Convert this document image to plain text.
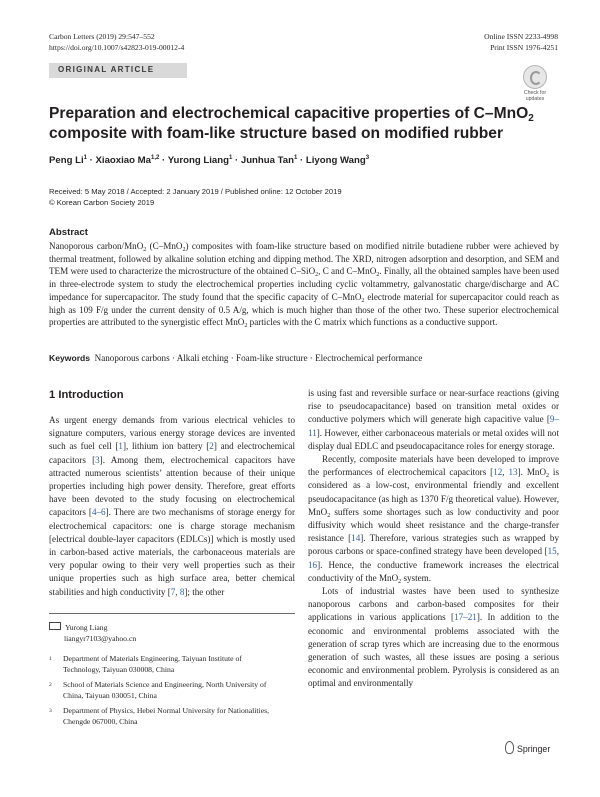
Carbon Letters (2019) 29:547–552
https://doi.org/10.1007/s42823-019-00012-4
Online ISSN 2233-4998
Print ISSN 1976-4251
ORIGINAL ARTICLE
Check for
updates
Preparation and electrochemical capacitive properties of C–MnO$_2$ composite with foam-like structure based on modified rubber
Peng $Li^1$ · Xiaoxiao Ma$^{1,2}$ · Yurong Liang$^1$ · Junhua Tan$^1$ · Liyong Wang$^3$
Received: 5 May 2018 / Accepted: 2 January 2019 / Published online: 12 October 2019
© Korean Carbon Society 2019
Abstract
Nanoporous carbon/MnO$_2$ (C–MnO$_2$) composites with foam-like structure based on modified nitrile butadiene rubber were achieved by thermal treatment, followed by alkaline solution etching and dipping method. The XRD, nitrogen adsorption and desorption, and SEM and TEM were used to characterize the microstructure of the obtained C–SiO$_2$, C and C–MnO$_2$. Finally, all the obtained samples have been used in three-electrode system to study the electrochemical properties including cyclic voltammetry, galvanostatic charge/discharge and AC impedance for supercapacitor. The study found that the specific capacity of C–MnO$_2$ electrode material for supercapacitor could reach as high as 109 F/g under the current density of 0.5 A/g, which is much higher than those of the other two. These superior electrochemical properties are attributed to the synergistic effect MnO$_2$ particles with the C matrix which functions as a conductive support.
Keywords Nanoporous carbons · Alkali etching · Foam-like structure · Electrochemical performance
1 Introduction
As urgent energy demands from various electrical vehicles to signature computers, various energy storage devices are invented such as fuel cell [1], lithium ion battery [2] and electrochemical capacitors [3]. Among them, electrochemical capacitors have attracted numerous scientists’ attention because of their unique properties including high power density. Therefore, great efforts have been devoted to the study focusing on electrochemical capacitors [4–6]. There are two mechanisms of storage energy for electrochemical capacitors: one is charge storage mechanism [electrical double-layer capacitors (EDLCs)] which is mostly used in carbon-based active materials, the carbonaceous materials are very popular owing to their very well properties such as their unique properties such as high surface area, better chemical stabilities and high conductivity [7, 8]; the other
is using fast and reversible surface or near-surface reactions (giving rise to pseudocapacitance) based on transition metal oxides or conductive polymers which will generate high capacitive value [9–11]. However, either carbonaceous materials or metal oxides will not display dual EDLC and pseudocapacitance roles for energy storage.
Recently, composite materials have been developed to improve the performances of electrochemical capacitors [12, 13]. MnO$_2$ is considered as a low-cost, environmental friendly and excellent pseudocapacitance (as high as 1370 F/g theoretical value). However, MnO$_2$ suffers some shortages such as low conductivity and poor diffusivity which would sheet resistance and the charge-transfer resistance [14]. Therefore, various strategies such as wrapped by porous carbons or space-confined strategy have been developed [15, 16]. Hence, the conductive framework increases the electrical conductivity of the MnO$_2$ system.
Lots of industrial wastes have been used to synthesize nanoporous carbons and carbon-based composites for their applications in various applications [17–21]. In addition to the economic and environmental problems associated with the generation of scrap tyres which are increasing due to the enormous generation of such wastes, all these issues are posing a serious economic and environmental problem. Pyrolysis is considered as an optimal and environmentally
Yurong Liang
liangyr7103@yahoo.cn
1	Department of Materials Engineering, Taiyuan Institute of Technology, Taiyuan 030008, China
2	School of Materials Science and Engineering, North University of China, Taiyuan 030051, China
3	Department of Physics, Hebei Normal University for Nationalities, Chengde 067000, China
Springer
